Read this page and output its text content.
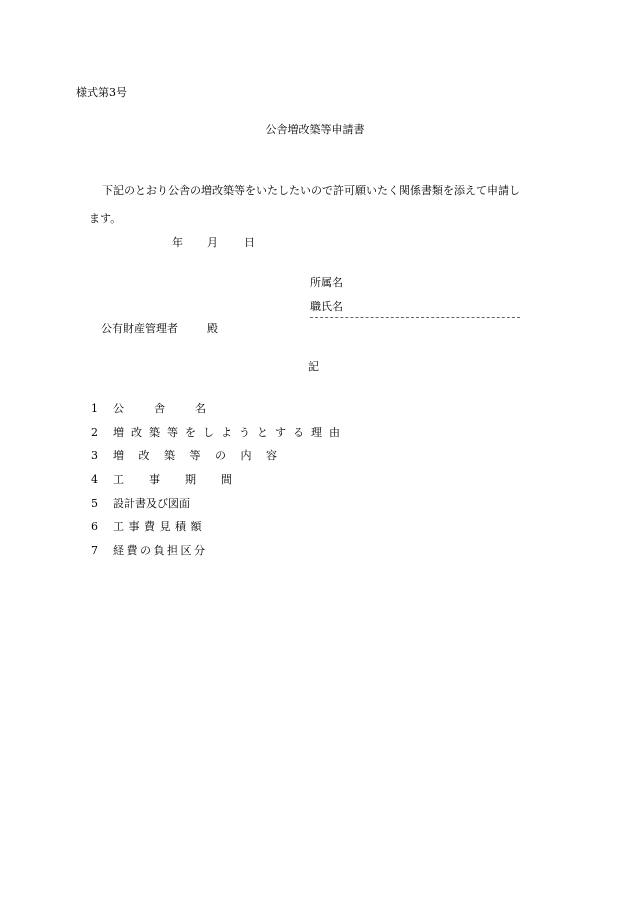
様式第3号
公舎増改築等申請書
下記のとおり公舎の増改築等をいたしたいので許可願いたく関係書類を添えて申請し
ます。
年 月 日
所属名
職氏名
公有財産管理者	殿
記
1 公舎名
2 増改築等をしようとする理由
3 増改築等の内容
4 工事期間
5 設計書及び図面
6 工事費見積額
7 経費の負担区分
